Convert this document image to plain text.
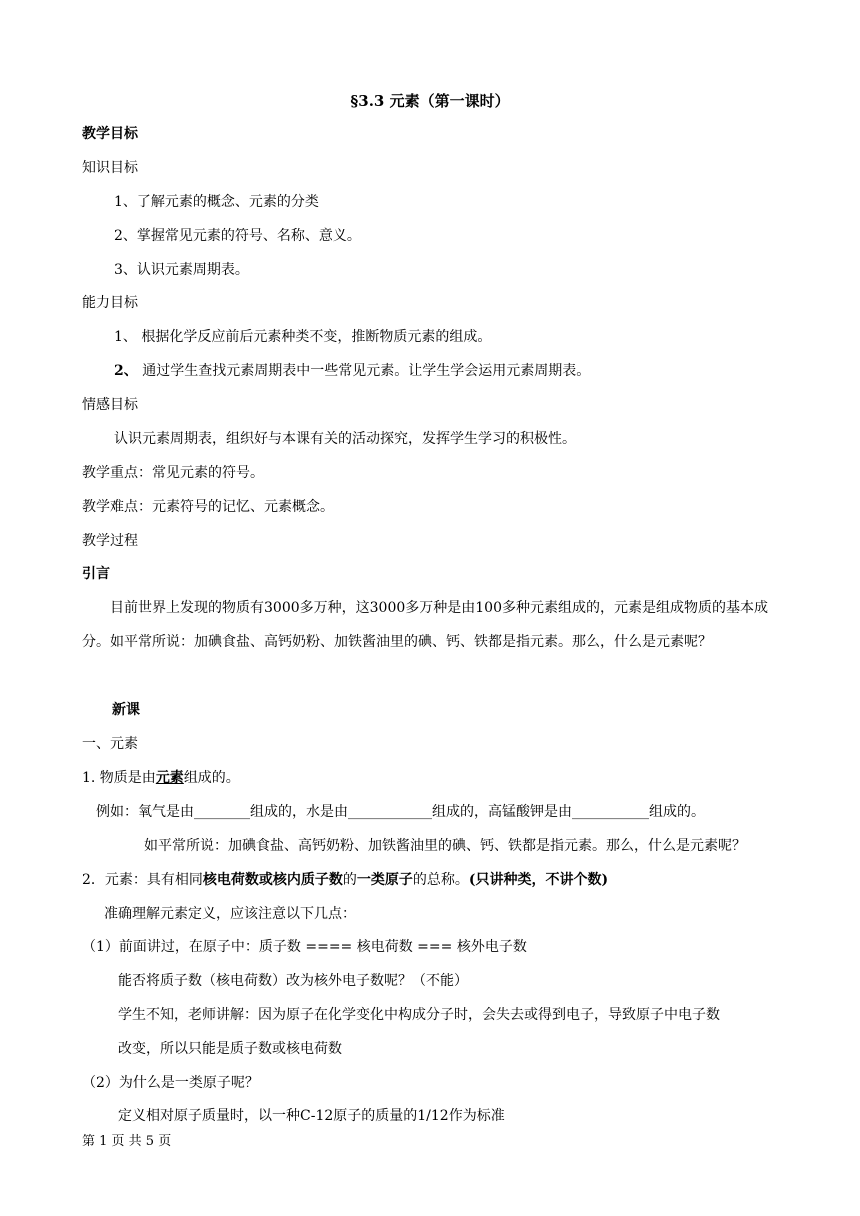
§3.3 元素（第一课时）
教学目标
知识目标
1、了解元素的概念、元素的分类
2、掌握常见元素的符号、名称、意义。
3、认识元素周期表。
能力目标
1、 根据化学反应前后元素种类不变，推断物质元素的组成。
2、 通过学生查找元素周期表中一些常见元素。让学生学会运用元素周期表。
情感目标
认识元素周期表，组织好与本课有关的活动探究，发挥学生学习的积极性。
教学重点：常见元素的符号。
教学难点：元素符号的记忆、元素概念。
教学过程
引言
目前世界上发现的物质有3000多万种，这3000多万种是由100多种元素组成的，元素是组成物质的基本成分。如平常所说：加碘食盐、高钙奶粉、加铁酱油里的碘、钙、铁都是指元素。那么，什么是元素呢？
新课
一、元素
1. 物质是由元素组成的。
例如：氧气是由________组成的，水是由____________组成的，高锰酸钾是由___________组成的。
如平常所说：加碘食盐、高钙奶粉、加铁酱油里的碘、钙、铁都是指元素。那么，什么是元素呢？
2．元素：具有相同核电荷数或核内质子数的一类原子的总称。(只讲种类，不讲个数)
准确理解元素定义，应该注意以下几点：
（1）前面讲过，在原子中：质子数 ==== 核电荷数 === 核外电子数
能否将质子数（核电荷数）改为核外电子数呢？（不能）
学生不知，老师讲解：因为原子在化学变化中构成分子时，会失去或得到电子，导致原子中电子数
改变，所以只能是质子数或核电荷数
（2）为什么是一类原子呢？
定义相对原子质量时，以一种C-12原子的质量的1/12作为标准
第 1 页 共 5 页
